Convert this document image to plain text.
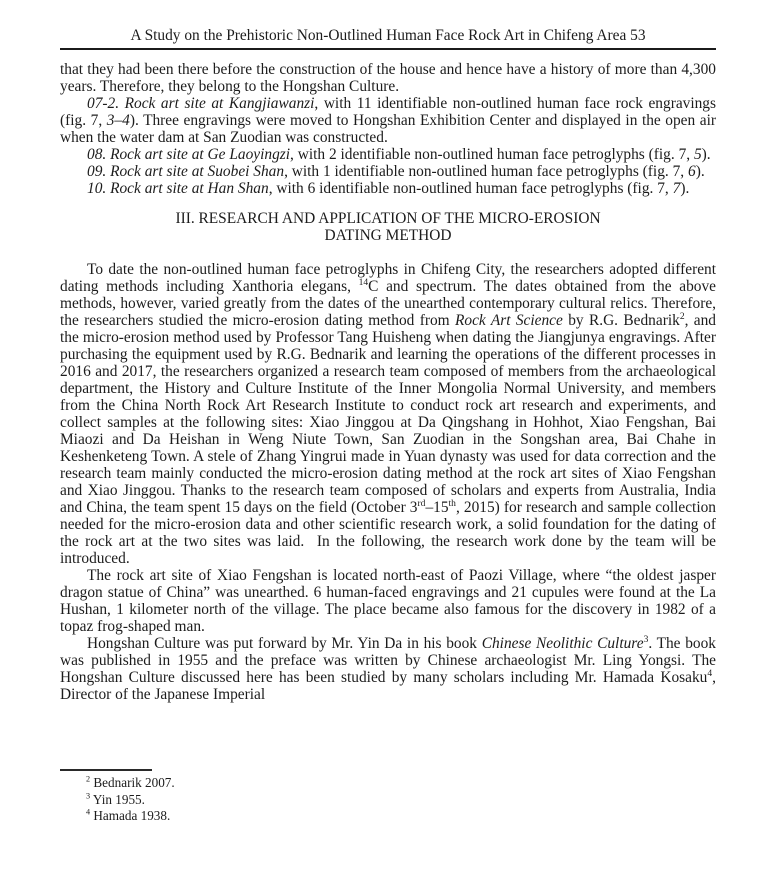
A Study on the Prehistoric Non-Outlined Human Face Rock Art in Chifeng Area 53

that they had been there before the construction of the house and hence have a history of more than 4,300 years. Therefore, they belong to the Hongshan Culture.

07-2. Rock art site at Kangjiawanzi, with 11 identifiable non-outlined human face rock engravings (fig. 7, 3–4). Three engravings were moved to Hongshan Exhibition Center and displayed in the open air when the water dam at San Zuodian was constructed.

08. Rock art site at Ge Laoyingzi, with 2 identifiable non-outlined human face petroglyphs (fig. 7, 5).

09. Rock art site at Suobei Shan, with 1 identifiable non-outlined human face petroglyphs (fig. 7, 6).

10. Rock art site at Han Shan, with 6 identifiable non-outlined human face petroglyphs (fig. 7, 7).

III. RESEARCH AND APPLICATION OF THE MICRO-EROSION
DATING METHOD

To date the non-outlined human face petroglyphs in Chifeng City, the researchers adopted different dating methods including Xanthoria elegans, $^{14}$C and spectrum. The dates obtained from the above methods, however, varied greatly from the dates of the unearthed contemporary cultural relics. Therefore, the researchers studied the micro-erosion dating method from Rock Art Science by R.G. Bednarik$^2$, and the micro-erosion method used by Professor Tang Huisheng when dating the Jiangjunya engravings. After purchasing the equipment used by R.G. Bednarik and learning the operations of the different processes in 2016 and 2017, the researchers organized a research team composed of members from the archaeological department, the History and Culture Institute of the Inner Mongolia Normal University, and members from the China North Rock Art Research Institute to conduct rock art research and experiments, and collect samples at the following sites: Xiao Jinggou at Da Qingshang in Hohhot, Xiao Fengshan, Bai Miaozi and Da Heishan in Weng Niute Town, San Zuodian in the Songshan area, Bai Chahe in Keshenketeng Town. A stele of Zhang Yingrui made in Yuan dynasty was used for data correction and the research team mainly conducted the micro-erosion dating method at the rock art sites of Xiao Fengshan and Xiao Jinggou. Thanks to the research team composed of scholars and experts from Australia, India and China, the team spent 15 days on the field (October 3rd–15th, 2015) for research and sample collection needed for the micro-erosion data and other scientific research work, a solid foundation for the dating of the rock art at the two sites was laid.  In the following, the research work done by the team will be introduced.

The rock art site of Xiao Fengshan is located north-east of Paozi Village, where “the oldest jasper dragon statue of China” was unearthed. 6 human-faced engravings and 21 cupules were found at the La Hushan, 1 kilometer north of the village. The place became also famous for the discovery in 1982 of a topaz frog-shaped man.

Hongshan Culture was put forward by Mr. Yin Da in his book Chinese Neolithic Culture$^3$. The book was published in 1955 and the preface was written by Chinese archaeologist Mr. Ling Yongsi. The Hongshan Culture discussed here has been studied by many scholars including Mr. Hamada Kosaku$^4$, Director of the Japanese Imperial

$^2$ Bednarik 2007.
$^3$ Yin 1955.
$^4$ Hamada 1938.
